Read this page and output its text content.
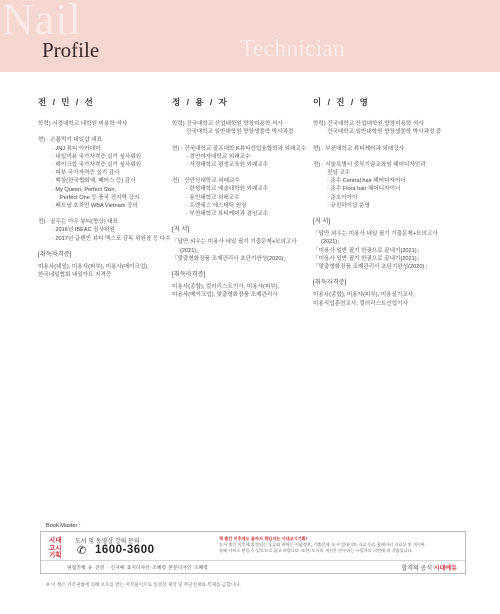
Nail
Technician
Profile
전 / 민 / 선
학력) 서경대학교 대학원 미용학 석사
현) · 손톱먹기 네일샵 대표
· JNJ 뷰티 아카데미
· 네일미용 국가자격증 실기 심사위원
· 메이크업 국가자격증 실기 심사위원
· 피부 국가자격증 실기 감사
· 백상(한국협회예, 페어스 등) 감사
· My Queen, Perfect Skin,
Perfect One 등 품국 전지역 강의
· 베트남 호치민 WBA Vietnam 강의
전) · 골두는 아우 뷰티(향상) 대표
· 2016년 IBEAC 심사위원
· 2017년 글렌빈 뷰티 엑스포 감독 위원장 등 다수
[취득자격증]
미용사(네일), 미용사(피부), 미용사(메이크업),
한국네일협회 네일아트 지격증
정 / 용 / 자
학력) 건국대학교 산업대학원 향장미용학 석사
건국대학교 일반대학원 향장생물학 박사과정
현) · 건국대학교 골프대학 K뷰티산업융합학과 외래교수
· 경인여자대학교 외래교수
· 서경대학교 평생교육원 외래교수
전) · 신안산대학교 외래교수
· 한성대학교 예술대학원 외래교수
· 용인대학교 외래교수
· 프렌세스 에스테틱 원장
· 부천대학교 뷰티케어과 겸임교수
[저 서]
「답만 외우는 미용사 네일 필기 기출문제+모의고사
(2021)」
「맞춤형화장품 조제관리사 초단기완성(2020)」
[취득자격증]
미용사(종합), 컬러리스트기사, 미용사(피부),
미용사(메이크업), 맞춤형화장품 조제관리사
이 / 진 / 영
학력) 건국대학교 산업대학원 향장미용학 석사
건국대학교 일반대학원 향장생물학 박사과정 중
현) · 부천대학교 뷰티케어과 외래강사
전) · 서울특별시 중부기술교육원 헤어디자인과
전임 교수
· 준수 Central hair 헤어디자이너
· 준수 Flora hair 헤어디자이너
· 준오이아이
· 규진하이샵 운영
[저 서]
「답만 외우는 미용사 네일 필기 기출문제+모의고사
(2021)」
「미용사 일반 필기 한권으로 끝내기(2021)」
「미용사 일반 필기 한권으로 끝내기(2021)」
「맞춤형화장품 조제관리사 초단기완성(2020)」
[취득자격증]
미용사(종합), 미용사(피부), 미용실기교사,
미용직업훈련교사, 컬러리스트산업기사
Book Master :
시대
고시
기획
도서 및 동영상 강의 문의
✆ 1600-3600
책 출간 이후에도 끝까지 책임지는 시대교시기획!
도서 출간 이후에 발견되는 오류와 바뀌는 시험정보, 기출문제, 도서 업데이트 자료 등을 홈페이지 자료실 및 게시판
통해 서비스 받을 수 있으므로 참고 바랍니다. 또한, 도서의 개선은 연구하는 구입자의 의견에 귀 기울입니다.
편집진행 윤 진영 · 신지예 표지디자인 조혜령 본문디자인 조혜령	합격의 공식 시대에듀
※ 이 책은 저작권법에 의해 보호를 받는 저작물이므로 동영상 제작 및 무단전재와 복제를 금합니다.
